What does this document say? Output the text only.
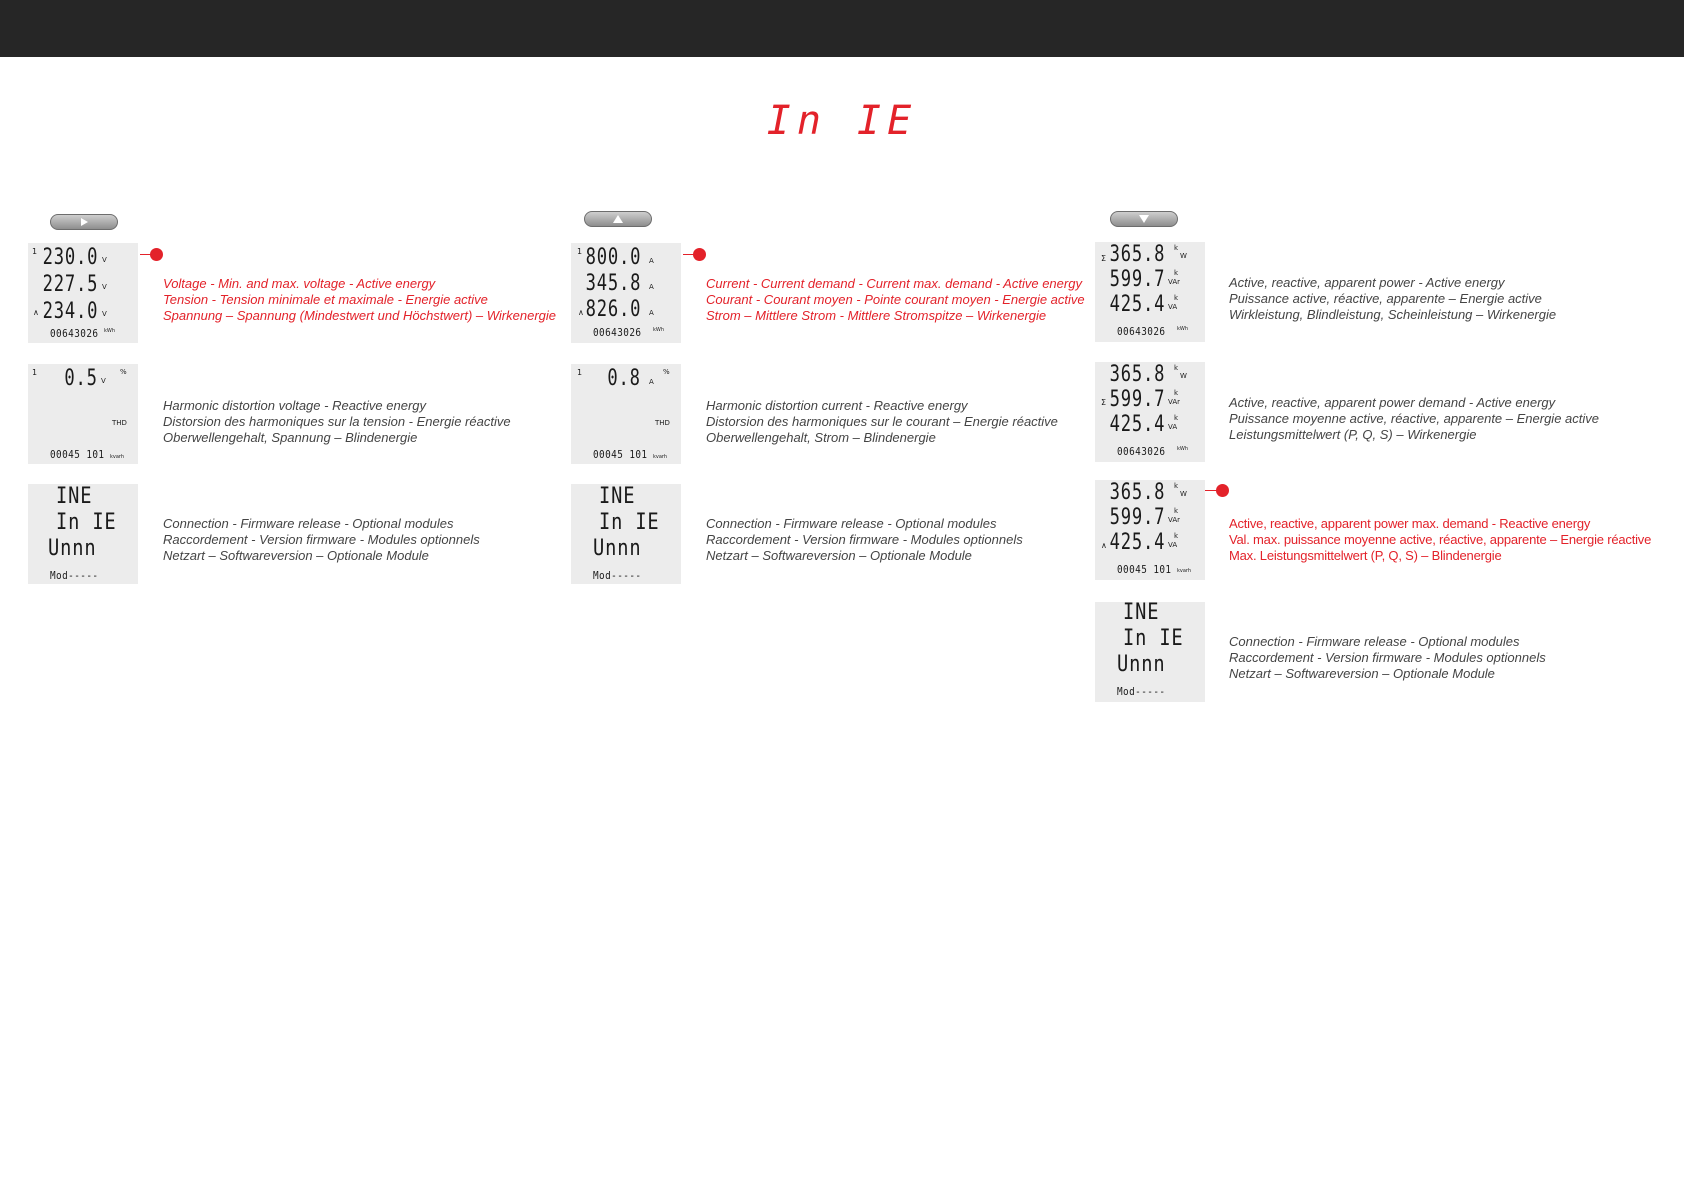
In IE
1 230.0 V
227.5 V
∧ 234.0 V
00643026 kWh
Voltage - Min. and max. voltage - Active energy
Tension - Tension minimale et maximale - Energie active
Spannung – Spannung (Mindestwert und Höchstwert) – Wirkenergie
1 0.5 V
%
THD
00045 101 kvarh
Harmonic distortion voltage - Reactive energy
Distorsion des harmoniques sur la tension - Energie réactive
Oberwellengehalt, Spannung – Blindenergie
INE
In IE
Unnn
Mod-----
Connection - Firmware release - Optional modules
Raccordement - Version firmware - Modules optionnels
Netzart – Softwareversion – Optionale Module
1 800.0 A
345.8 A
∧ 826.0 A
00643026 kWh
Current - Current demand - Current max. demand - Active energy
Courant - Courant moyen - Pointe courant moyen - Energie active
Strom – Mittlere Strom - Mittlere Stromspitze – Wirkenergie
1 0.8 A
%
THD
00045 101 kvarh
Harmonic distortion current - Reactive energy
Distorsion des harmoniques sur le courant – Energie réactive
Oberwellengehalt, Strom – Blindenergie
INE
In IE
Unnn
Mod-----
Connection - Firmware release - Optional modules
Raccordement - Version firmware - Modules optionnels
Netzart – Softwareversion – Optionale Module
Σ 365.8 k
W
599.7 k
VAr
425.4 k
VA
00643026 kWh
Active, reactive, apparent power - Active energy
Puissance active, réactive, apparente – Energie active
Wirkleistung, Blindleistung, Scheinleistung – Wirkenergie
365.8 k
W
Σ 599.7 k
VAr
425.4 k
VA
00643026 kWh
Active, reactive, apparent power demand - Active energy
Puissance moyenne active, réactive, apparente – Energie active
Leistungsmittelwert (P, Q, S) – Wirkenergie
365.8 k
W
599.7 k
VAr
∧ 425.4 k
VA
00045 101 kvarh
Active, reactive, apparent power max. demand - Reactive energy
Val. max. puissance moyenne active, réactive, apparente – Energie réactive
Max. Leistungsmittelwert (P, Q, S) – Blindenergie
INE
In IE
Unnn
Mod-----
Connection - Firmware release - Optional modules
Raccordement - Version firmware - Modules optionnels
Netzart – Softwareversion – Optionale Module
